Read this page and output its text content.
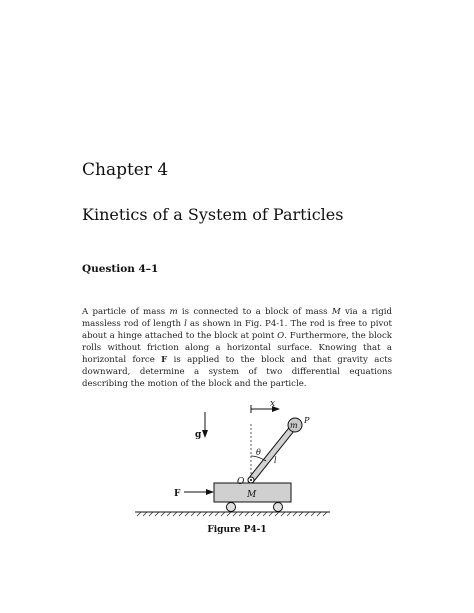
Chapter 4
Kinetics of a System of Particles
Question 4–1

A particle of mass m is connected to a block of mass M via a rigid massless rod of length l as shown in Fig. P4-1. The rod is free to pivot about a hinge attached to the block at point O. Furthermore, the block rolls without friction along a horizontal surface. Knowing that a horizontal force F is applied to the block and that gravity acts downward, determine a system of two differential equations describing the motion of the block and the particle.

M
F
O
θ
l
m
P
x
g

Figure P4-1
